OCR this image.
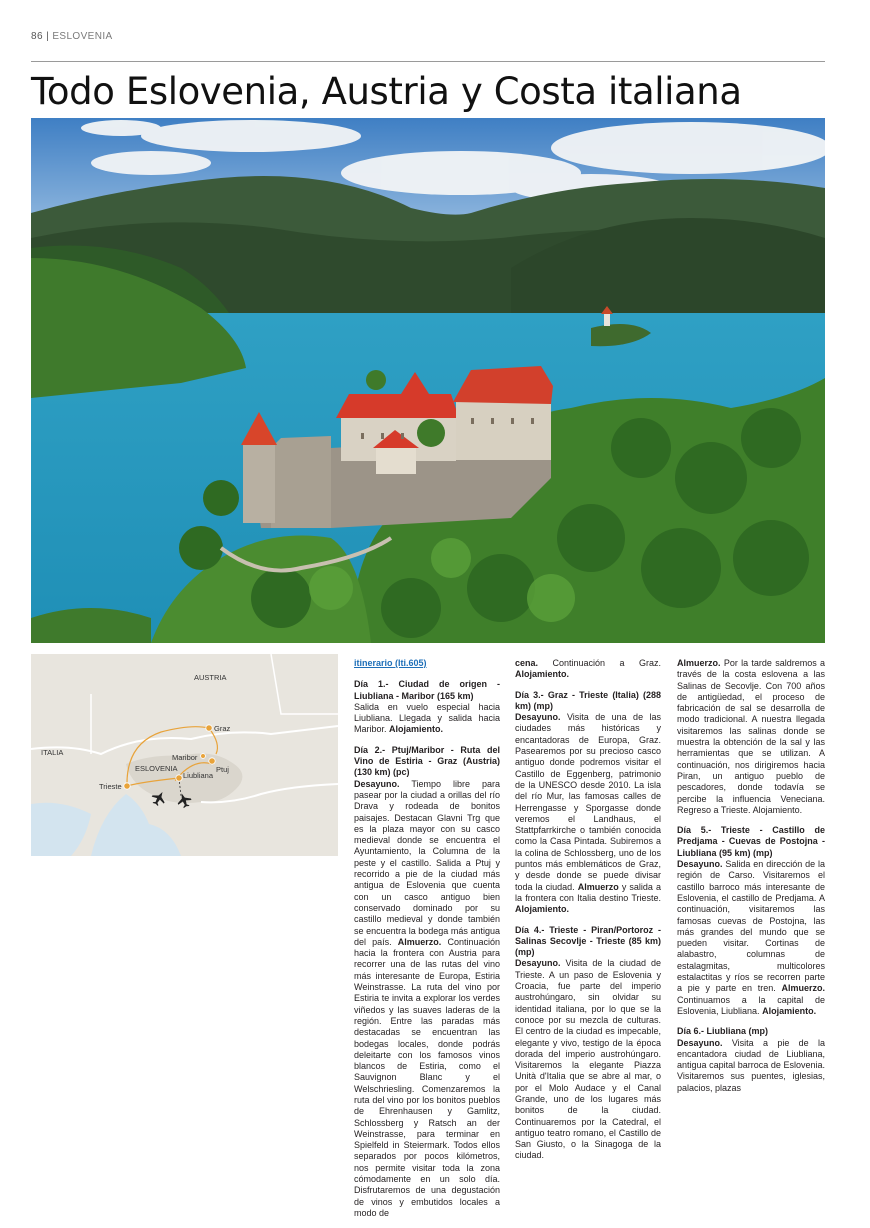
86 | ESLOVENIA
Todo Eslovenia, Austria y Costa italiana
AUSTRIA
ITALIA
ESLOVENIA
Graz
Maribor
Ptuj
Liubliana
Trieste
itinerario (Iti.605)

Día 1.- Ciudad de origen - Liubliana - Maribor (165 km)
Salida en vuelo especial hacia Liubliana. Llegada y salida hacia Maribor. Alojamiento.

Día 2.- Ptuj/Maribor - Ruta del Vino de Estiria - Graz (Austria) (130 km) (pc)
Desayuno. Tiempo libre para pasear por la ciudad a orillas del río Drava y rodeada de bonitos paisajes. Destacan Glavni Trg que es la plaza mayor con su casco medieval donde se encuentra el Ayuntamiento, la Columna de la peste y el castillo. Salida a Ptuj y recorrido a pie de la ciudad más antigua de Eslovenia que cuenta con un casco antiguo bien conservado dominado por su castillo medieval y donde también se encuentra la bodega más antigua del país. Almuerzo. Continuación hacia la frontera con Austria para recorrer una de las rutas del vino más interesante de Europa, Estiria Weinstrasse. La ruta del vino por Estiria te invita a explorar los verdes viñedos y las suaves laderas de la región. Entre las paradas más destacadas se encuentran las bodegas locales, donde podrás deleitarte con los famosos vinos blancos de Estiria, como el Sauvignon Blanc y el Welschriesling. Comenzaremos la ruta del vino por los bonitos pueblos de Ehrenhausen y Gamlitz, Schlossberg y Ratsch an der Weinstrasse, para terminar en Spielfeld in Steiermark. Todos ellos separados por pocos kilómetros, nos permite visitar toda la zona cómodamente en un solo día. Disfrutaremos de una degustación de vinos y embutidos locales a modo de

cena. Continuación a Graz. Alojamiento.

Día 3.- Graz - Trieste (Italia) (288 km) (mp)
Desayuno. Visita de una de las ciudades más históricas y encantadoras de Europa, Graz. Pasearemos por su precioso casco antiguo donde podremos visitar el Castillo de Eggenberg, patrimonio de la UNESCO desde 2010. La isla del río Mur, las famosas calles de Herrengasse y Sporgasse donde veremos el Landhaus, el Stattpfarrkirche o también conocida como la Casa Pintada. Subiremos a la colina de Schlossberg, uno de los puntos más emblemáticos de Graz, y desde donde se puede divisar toda la ciudad. Almuerzo y salida a la frontera con Italia destino Trieste. Alojamiento.

Día 4.- Trieste - Piran/Portoroz - Salinas Secovlje - Trieste (85 km) (mp)
Desayuno. Visita de la ciudad de Trieste. A un paso de Eslovenia y Croacia, fue parte del imperio austrohúngaro, sin olvidar su identidad italiana, por lo que se la conoce por su mezcla de culturas. El centro de la ciudad es impecable, elegante y vivo, testigo de la época dorada del imperio austrohúngaro. Visitaremos la elegante Piazza Unità d'Italia que se abre al mar, o por el Molo Audace y el Canal Grande, uno de los lugares más bonitos de la ciudad. Continuaremos por la Catedral, el antiguo teatro romano, el Castillo de San Giusto, o la Sinagoga de la ciudad.

Almuerzo. Por la tarde saldremos a través de la costa eslovena a las Salinas de Secovlje. Con 700 años de antigüedad, el proceso de fabricación de sal se desarrolla de modo tradicional. A nuestra llegada visitaremos las salinas donde se muestra la obtención de la sal y las herramientas que se utilizan. A continuación, nos dirigiremos hacia Piran, un antiguo pueblo de pescadores, donde todavía se percibe la influencia Veneciana. Regreso a Trieste. Alojamiento.

Día 5.- Trieste - Castillo de Predjama - Cuevas de Postojna - Liubliana (95 km) (mp)
Desayuno. Salida en dirección de la región de Carso. Visitaremos el castillo barroco más interesante de Eslovenia, el castillo de Predjama. A continuación, visitaremos las famosas cuevas de Postojna, las más grandes del mundo que se pueden visitar. Cortinas de alabastro, columnas de estalagmitas, multicolores estalactitas y ríos se recorren parte a pie y parte en tren. Almuerzo. Continuamos a la capital de Eslovenia, Liubliana. Alojamiento.

Día 6.- Liubliana (mp)
Desayuno. Visita a pie de la encantadora ciudad de Liubliana, antigua capital barroca de Eslovenia. Visitaremos sus puentes, iglesias, palacios, plazas
